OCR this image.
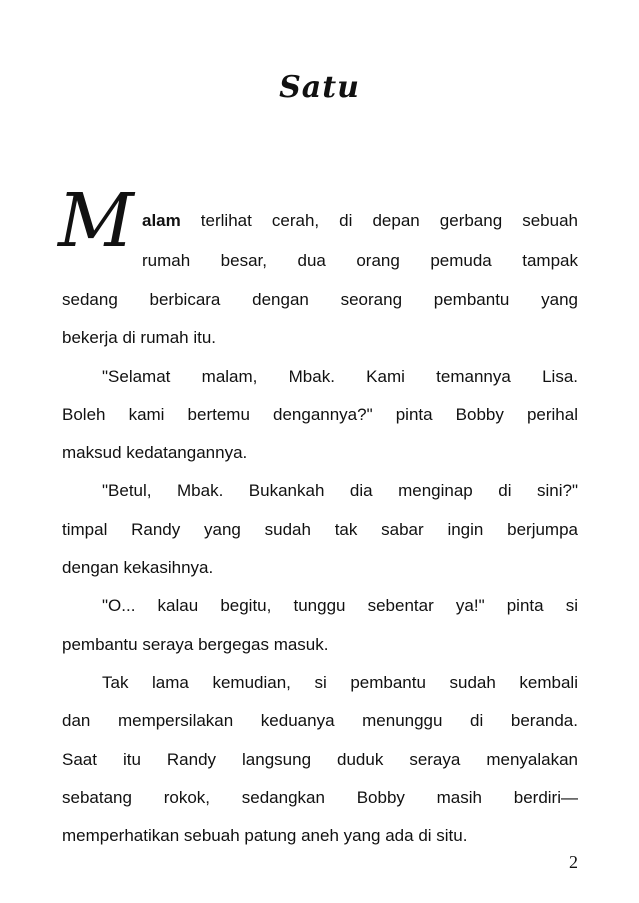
Satu
M alam terlihat cerah, di depan gerbang sebuah
rumah besar, dua orang pemuda tampak
sedang berbicara dengan seorang pembantu yang
bekerja di rumah itu.
"Selamat malam, Mbak. Kami temannya Lisa.
Boleh kami bertemu dengannya?" pinta Bobby perihal
maksud kedatangannya.
"Betul, Mbak. Bukankah dia menginap di sini?"
timpal Randy yang sudah tak sabar ingin berjumpa
dengan kekasihnya.
"O... kalau begitu, tunggu sebentar ya!" pinta si
pembantu seraya bergegas masuk.
Tak lama kemudian, si pembantu sudah kembali
dan mempersilakan keduanya menunggu di beranda.
Saat itu Randy langsung duduk seraya menyalakan
sebatang rokok, sedangkan Bobby masih berdiri—
memperhatikan sebuah patung aneh yang ada di situ.
2
